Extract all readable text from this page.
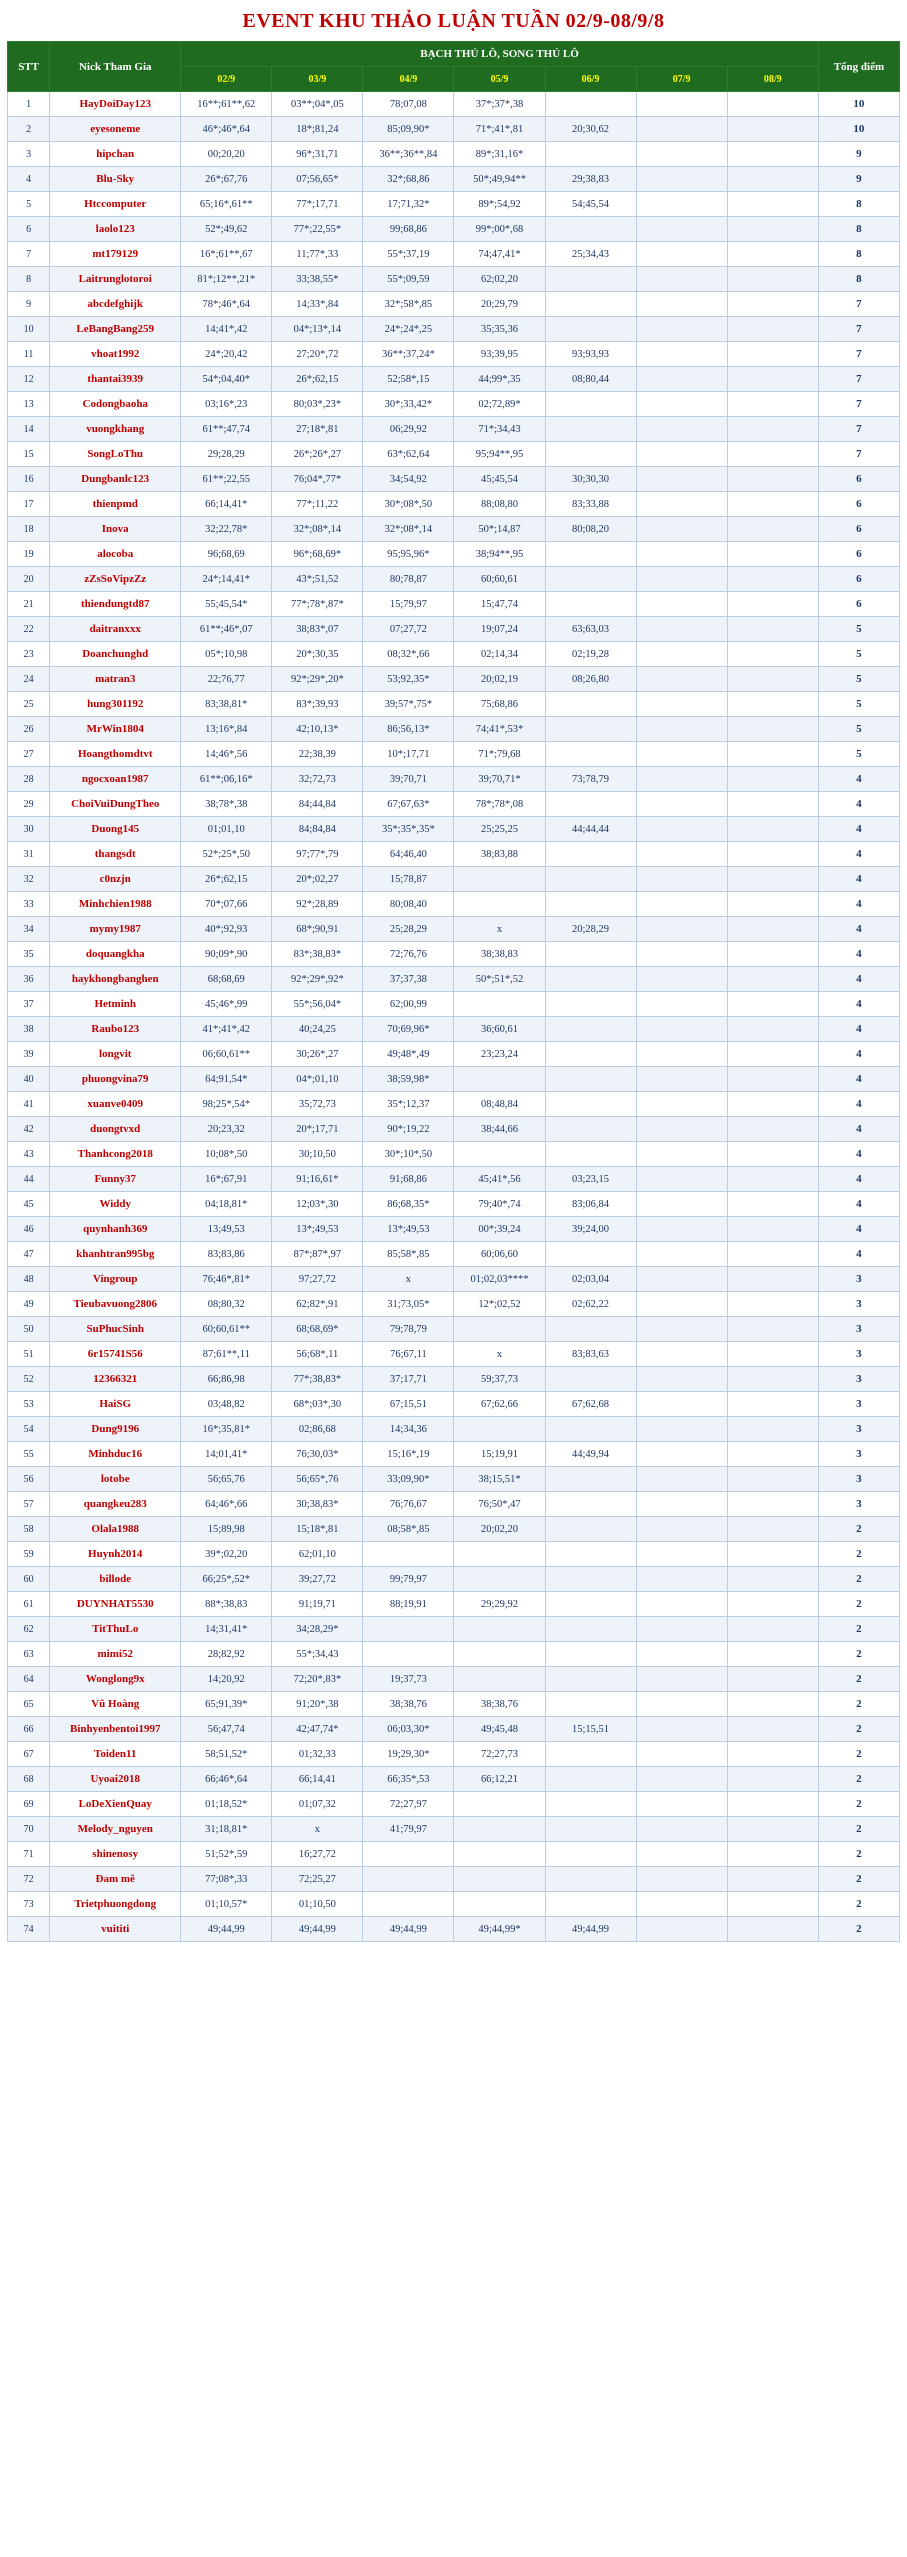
EVENT KHU THẢO LUẬN TUẦN 02/9-08/9/8
STT	Nick Tham Gia	BẠCH THỦ LÔ, SONG THỦ LÔ							Tổng điểm
		02/9	03/9	04/9	05/9	06/9	07/9	08/9	
1	HayDoiDay123	16**;61**,62	03**;04*,05	78;07,08	37*;37*,38				10
2	eyesoneme	46*;46*,64	18*;81,24	85;09,90*	71*;41*,81	20;30,62			10
3	hipchan	00;20,20	96*;31,71	36**;36**,84	89*;31,16*				9
4	Blu-Sky	26*;67,76	07;56,65*	32*;68,86	50*;49,94**	29;38,83			9
5	Htccomputer	65;16*,61**	77*;17,71	17;71,32*	89*;54,92	54;45,54			8
6	laolo123	52*;49,62	77*;22,55*	99;68,86	99*;00*,68				8
7	mt179129	16*;61**,67	11;77*,33	55*;37,19	74;47,41*	25;34,43			8
8	Laitrunglotoroi	81*;12**,21*	33;38,55*	55*;09,59	62;02,20				8
9	abcdefghijk	78*;46*,64	14;33*,84	32*;58*,85	20;29,79				7
10	LeBangBang259	14;41*,42	04*;13*,14	24*;24*,25	35;35,36				7
11	vhoat1992	24*;20,42	27;20*,72	36**;37,24*	93;39,95	93;93,93			7
12	thantai3939	54*;04,40*	26*;62,15	52;58*,15	44;99*,35	08;80,44			7
13	Codongbaoha	03;16*,23	80;03*,23*	30*;33,42*	02;72,89*				7
14	vuongkhang	61**;47,74	27;18*,81	06;29,92	71*;34,43				7
15	SongLoThu	29;28,29	26*;26*,27	63*;62,64	95;94**,95				7
16	Dungbanlc123	61**;22,55	76;04*,77*	34;54,92	45;45,54	30;30,30			6
17	thienpmd	66;14,41*	77*;11,22	30*;08*,50	88;08,80	83;33,88			6
18	Inova	32;22,78*	32*;08*,14	32*;08*,14	50*;14,87	80;08,20			6
19	alocoba	96;68,69	96*;68,69*	95;95,96*	38;94**,95				6
20	zZsSoVipzZz	24*;14,41*	43*;51,52	80;78,87	60;60,61				6
21	thiendungtd87	55;45,54*	77*;78*,87*	15;79,97	15;47,74				6
22	daitranxxx	61**;46*,07	38;83*,07	07;27,72	19;07,24	63;63,03			5
23	Doanchunghd	05*;10,98	20*;30,35	08;32*,66	02;14,34	02;19,28			5
24	matran3	22;76,77	92*;29*,20*	53;92,35*	20;02,19	08;26,80			5
25	hung301192	83;38,81*	83*;39,93	39;57*,75*	75;68,86				5
26	MrWin1804	13;16*,84	42;10,13*	86;56,13*	74;41*,53*				5
27	Hoangthomdtvt	14;46*,56	22;38,39	10*;17,71	71*;79,68				5
28	ngocxoan1987	61**;06,16*	32;72,73	39;70,71	39;70,71*	73;78,79			4
29	ChoiVuiDungTheo	38;78*,38	84;44,84	67;67,63*	78*;78*,08				4
30	Duong145	01;01,10	84;84,84	35*;35*,35*	25;25,25	44;44,44			4
31	thangsdt	52*;25*,50	97;77*,79	64;46,40	38;83,88				4
32	c0nzjn	26*;62,15	20*;02,27	15;78,87					4
33	Minhchien1988	70*;07,66	92*;28,89	80;08,40					4
34	mymy1987	40*;92,93	68*;90,91	25;28,29	x	20;28,29			4
35	doquangkha	90;09*,90	83*;38,83*	72;76,76	38;38,83				4
36	haykhongbanghen	68;68,69	92*;29*,92*	37;37,38	50*;51*,52				4
37	Hetminh	45;46*,99	55*;56,04*	62;00,99					4
38	Raubo123	41*;41*,42	40;24,25	70;69,96*	36;60,61				4
39	longvit	06;60,61**	30;26*,27	49;48*,49	23;23,24				4
40	phuongvina79	64;91,54*	04*;01,10	38;59,98*					4
41	xuanve0409	98;25*,54*	35;72,73	35*;12,37	08;48,84				4
42	duongtvxd	20;23,32	20*;17,71	90*;19,22	38;44,66				4
43	Thanhcong2018	10;08*,50	30;10,50	30*;10*,50					4
44	Funny37	16*;67,91	91;16,61*	91;68,86	45;41*,56	03;23,15			4
45	Widdy	04;18,81*	12;03*,30	86;68,35*	79;40*,74	83;06,84			4
46	quynhanh369	13;49,53	13*;49,53	13*;49,53	00*;39,24	39;24,00			4
47	khanhtran995bg	83;83,86	87*;87*,97	85;58*,85	60;06,60				4
48	Vingroup	76;46*,81*	97;27,72	x	01;02,03****	02;03,04			3
49	Tieubavuong2806	08;80,32	62;82*,91	31;73,05*	12*;02,52	02;62,22			3
50	SuPhucSinh	60;60,61**	68;68,69*	79;78,79					3
51	6r15741S56	87;61**,11	56;68*,11	76;67,11	x	83;83,63			3
52	12366321	66;86,98	77*;38,83*	37;17,71	59;37,73				3
53	HaiSG	03;48,82	68*;03*,30	67;15,51	67;62,66	67;62,68			3
54	Dung9196	16*;35,81*	02;86,68	14;34,36					3
55	Minhduc16	14;01,41*	76;30,03*	15;16*,19	15;19,91	44;49,94			3
56	lotobe	56;65,76	56;65*,76	33;09,90*	38;15,51*				3
57	quangkeu283	64;46*,66	30;38,83*	76;76,67	76;50*,47				3
58	Olala1988	15;89,98	15;18*,81	08;58*,85	20;02,20				2
59	Huynh2014	39*;02,20	62;01,10						2
60	billode	66;25*,52*	39;27,72	99;79,97					2
61	DUYNHAT5530	88*;38,83	91;19,71	88;19,91	29;29,92				2
62	TitThuLo	14;31,41*	34;28,29*						2
63	mimi52	28;82,92	55*;34,43						2
64	Wonglong9x	14;20,92	72;20*,83*	19;37,73					2
65	Vũ Hoàng	65;91,39*	91;20*,38	38;38,76	38;38,76				2
66	Binhyenbentoi1997	56;47,74	42;47,74*	06;03,30*	49;45,48	15;15,51			2
67	Toiden11	58;51,52*	01;32,33	19;29,30*	72;27,73				2
68	Uyoai2018	66;46*,64	66;14,41	66;35*,53	66;12,21				2
69	LoDeXienQuay	01;18,52*	01;07,32	72;27,97					2
70	Melody_nguyen	31;18,81*	x	41;79,97					2
71	shinenosy	51;52*,59	16;27,72						2
72	Đam mê	77;08*,33	72;25,27						2
73	Trietphuongdong	01;10,57*	01;10,50						2
74	vuititi	49;44,99	49;44,99	49;44,99	49;44,99*	49;44,99			2
